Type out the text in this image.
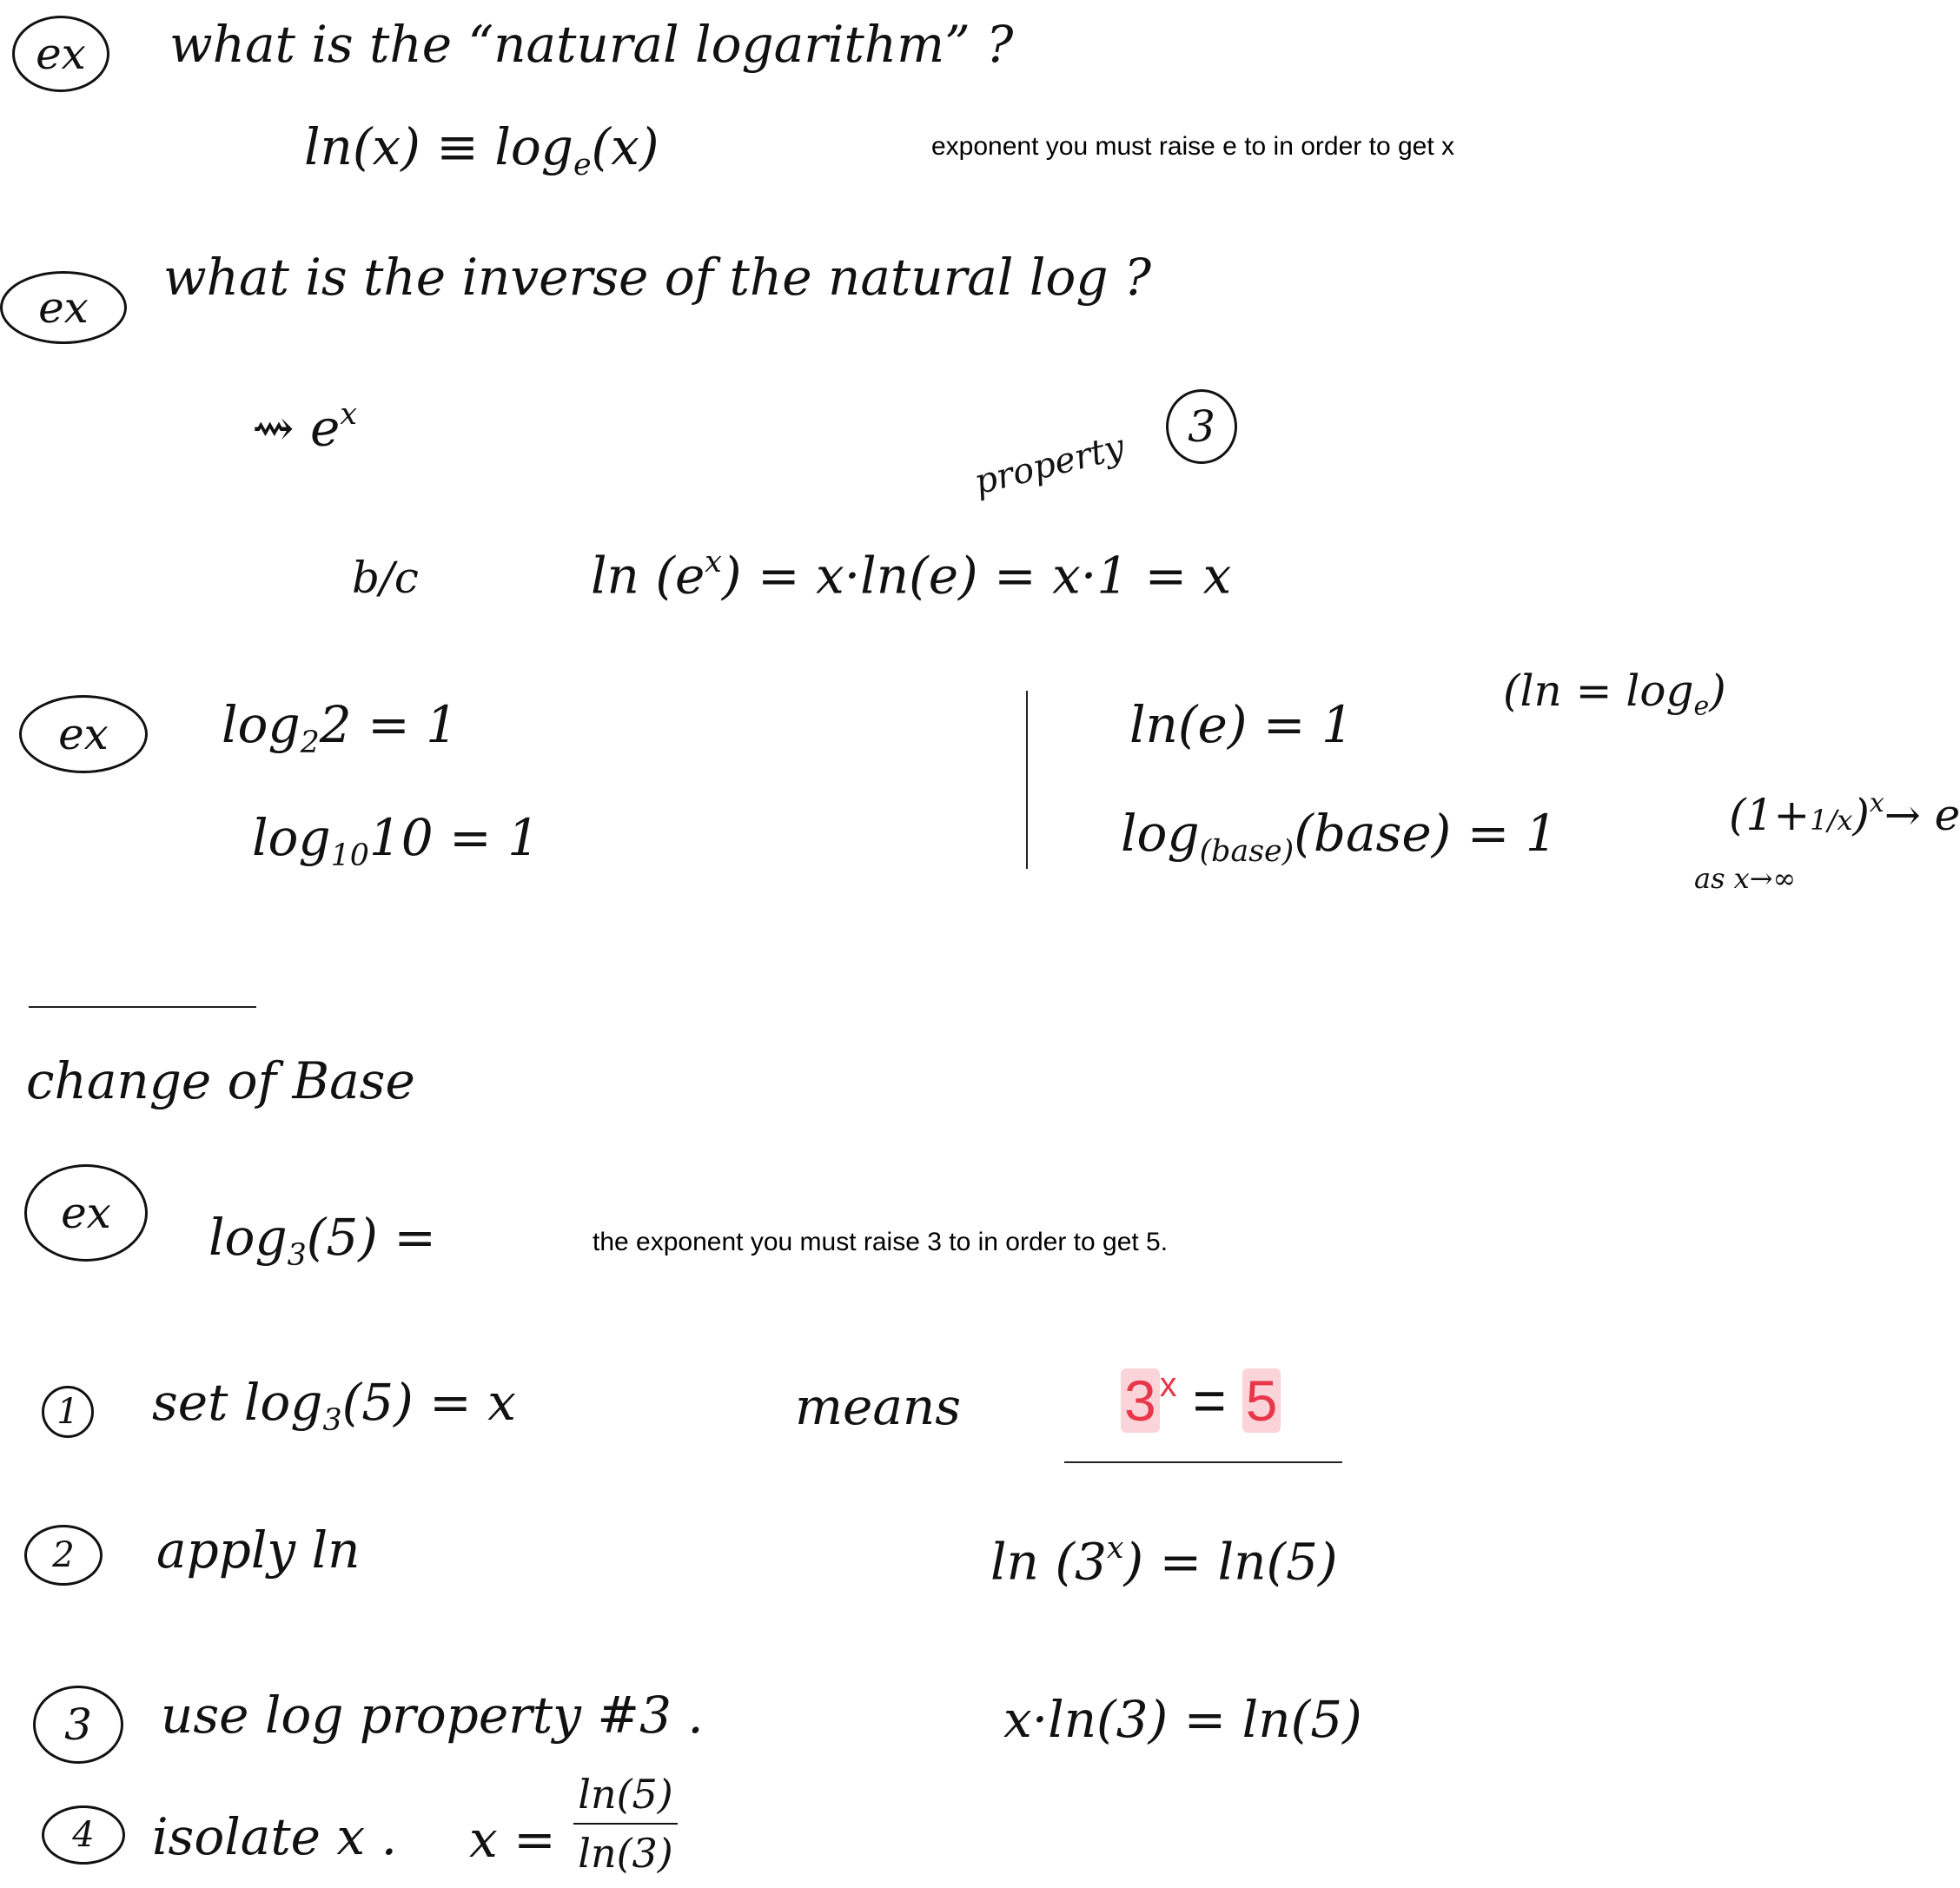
ex what is the “natural logarithm” ?
$\ln(x) \equiv \log_e(x)$	exponent you must raise e to in order to get x
ex
what is the inverse of the natural log ?
⇝ $e^x$
property
3
b/c	$\ln (e^x) = x\cdot\ln(e) = x\cdot 1 = x$
ex $\log_22 = 1$
$\log_{10}10 = 1$
ln(e) = 1
$(\ln = \log_e)$
$\log_{(base)}(base) = 1$	$(1+1/x)^x\to e$
as x→∞
change of Base
ex $\log_3(5)$ =	the exponent you must raise 3 to in order to get 5.
1 set $\log_3(5) = x$	means	3 $^x$ = 5
2 apply ln	$\ln (3^x) = \ln(5)$
3 use log property #3 .	x·ln(3) = ln(5)
4 isolate x . x =
ln(5)
ln(3)
